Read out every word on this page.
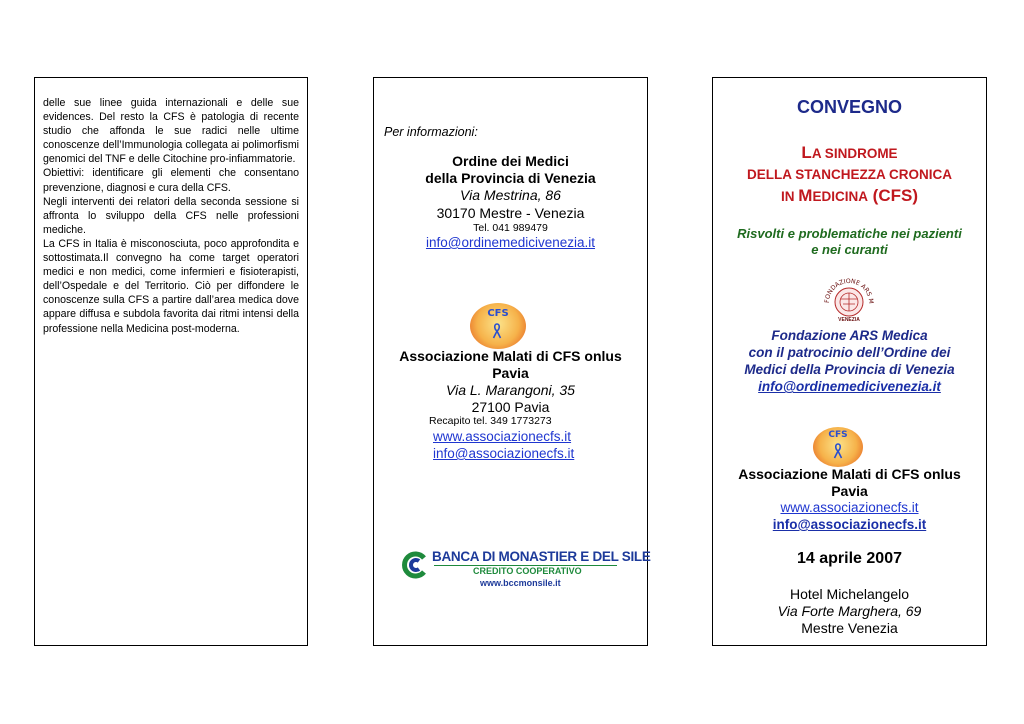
delle sue linee guida internazionali e delle sue evidences. Del resto la CFS è patologia di recente studio che affonda le sue radici nelle ultime conoscenze dell’Immunologia collegata ai polimorfismi genomici del TNF e delle Citochine pro-infiammatorie.

Obiettivi: identificare gli elementi che consentano prevenzione, diagnosi e cura della CFS.

Negli interventi dei relatori della seconda sessione si affronta lo sviluppo della CFS nelle professioni mediche.

La CFS in Italia è misconosciuta, poco approfondita e sottostimata.Il convegno ha come target operatori medici e non medici, come infermieri e fisioterapisti, dell’Ospedale e del Territorio. Ciò per diffondere le conoscenze sulla CFS a partire dall’area medica dove appare diffusa e subdola favorita dai ritmi intensi della professione nella Medicina post-moderna.

Per informazioni:
Ordine dei Medici
della Provincia di Venezia
Via Mestrina, 86
30170 Mestre - Venezia
Tel. 041 989479
info@ordinemedicivenezia.it
CFS
Associazione Malati di CFS onlus
Pavia
Via L. Marangoni, 35
27100 Pavia
Recapito tel. 349 1773273
www.associazionecfs.it
info@associazionecfs.it
BANCA DI MONASTIER E DEL SILE
CREDITO COOPERATIVO
www.bccmonsile.it
CONVEGNO
LA SINDROME
DELLA STANCHEZZA CRONICA
IN MEDICINA (CFS)
Risvolti e problematiche nei pazienti
e nei curanti
FONDAZIONE ARS M
VENEZIA
Fondazione ARS Medica
con il patrocinio dell’Ordine dei
Medici della Provincia di Venezia
info@ordinemedicivenezia.it
CFS
Associazione Malati di CFS onlus
Pavia
www.associazionecfs.it
info@associazionecfs.it
14 aprile 2007
Hotel Michelangelo
Via Forte Marghera, 69
Mestre Venezia
